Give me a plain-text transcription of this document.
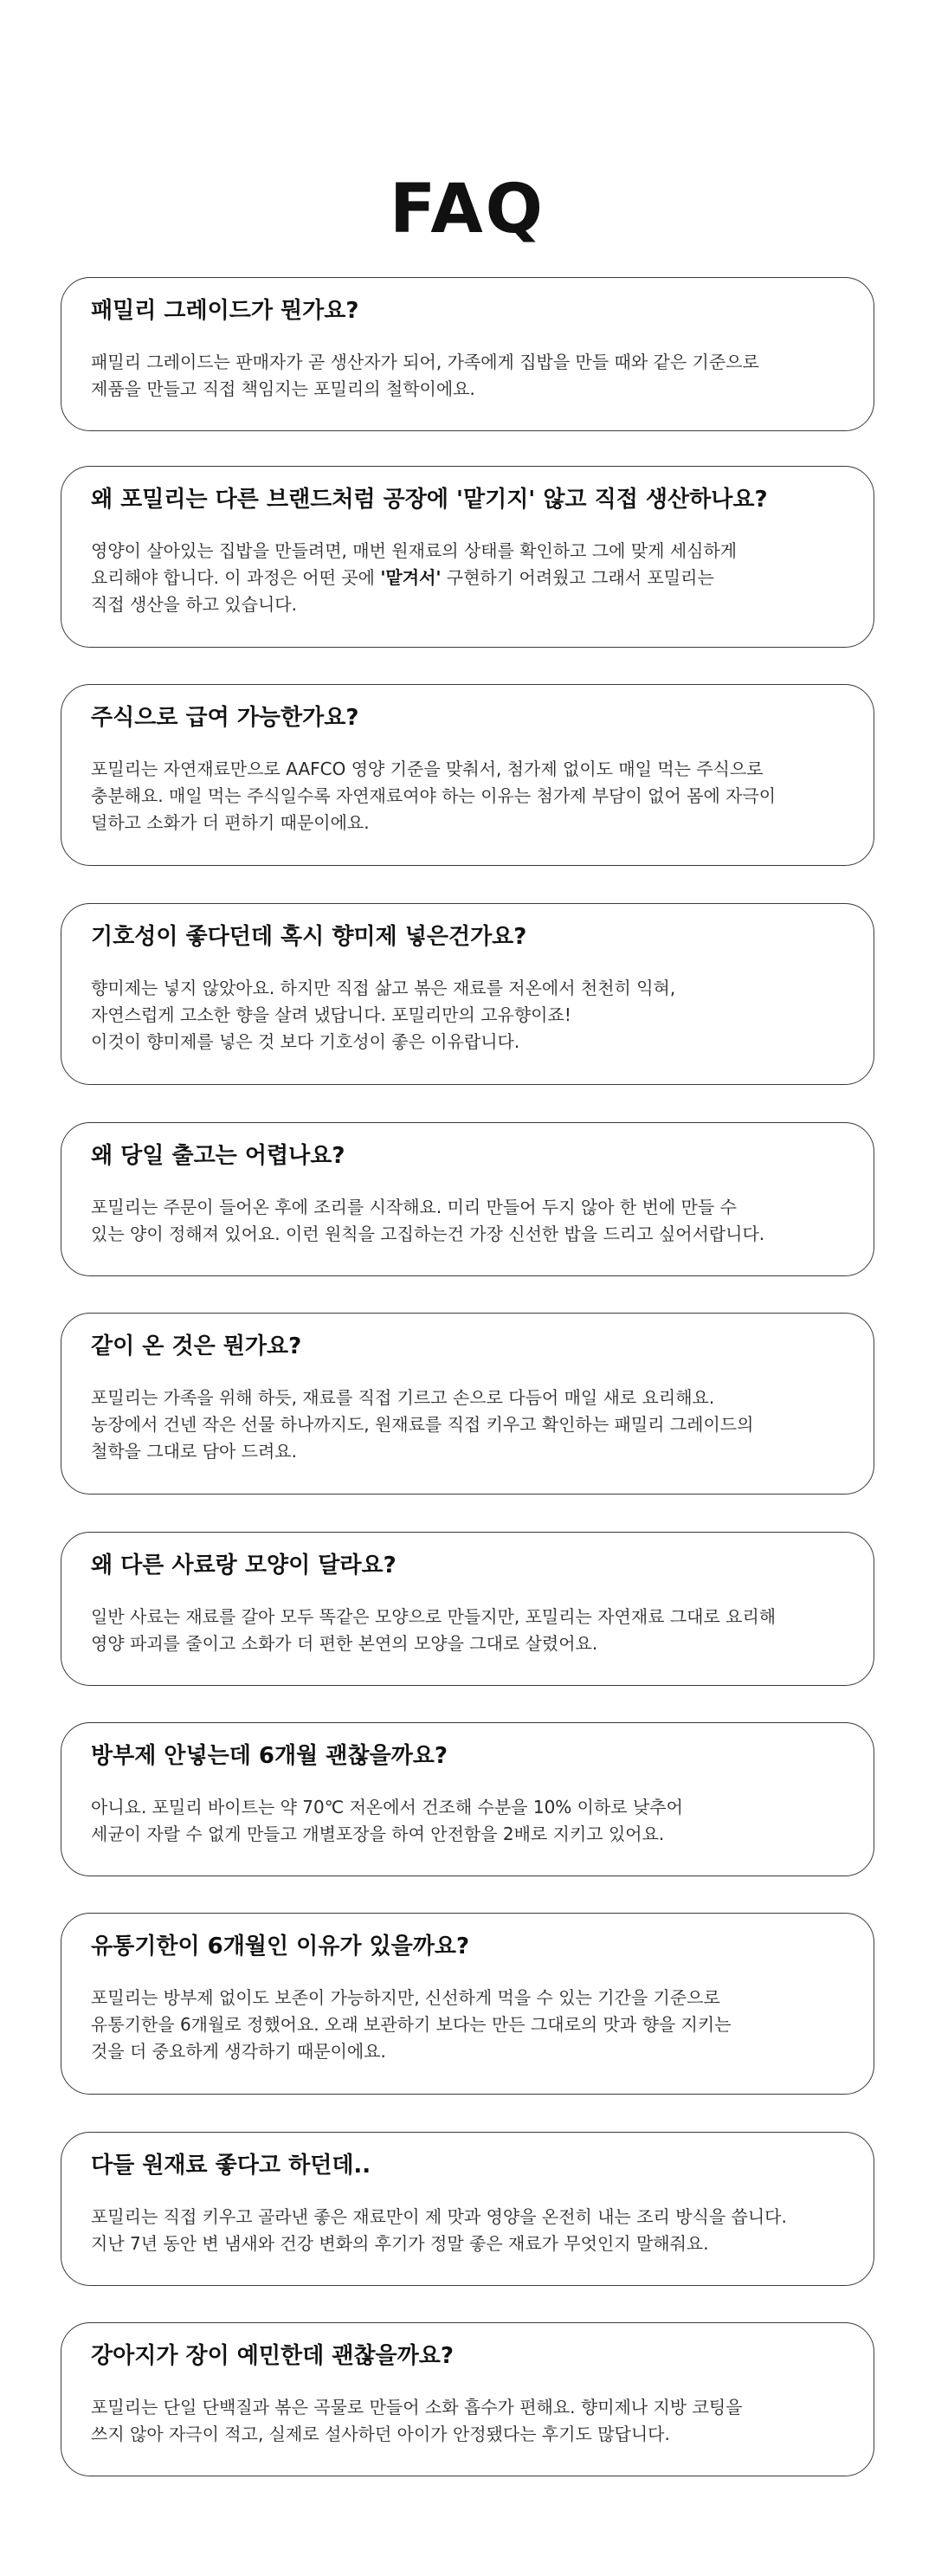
FAQ

패밀리 그레이드가 뭔가요?

패밀리 그레이드는 판매자가 곧 생산자가 되어, 가족에게 집밥을 만들 때와 같은 기준으로
제품을 만들고 직접 책임지는 포밀리의 철학이에요.

왜 포밀리는 다른 브랜드처럼 공장에 '맡기지' 않고 직접 생산하나요?

영양이 살아있는 집밥을 만들려면, 매번 원재료의 상태를 확인하고 그에 맞게 세심하게
요리해야 합니다. 이 과정은 어떤 곳에 '맡겨서' 구현하기 어려웠고 그래서 포밀리는
직접 생산을 하고 있습니다.

주식으로 급여 가능한가요?

포밀리는 자연재료만으로 AAFCO 영양 기준을 맞춰서, 첨가제 없이도 매일 먹는 주식으로
충분해요. 매일 먹는 주식일수록 자연재료여야 하는 이유는 첨가제 부담이 없어 몸에 자극이
덜하고 소화가 더 편하기 때문이에요.

기호성이 좋다던데 혹시 향미제 넣은건가요?

향미제는 넣지 않았아요. 하지만 직접 삶고 볶은 재료를 저온에서 천천히 익혀,
자연스럽게 고소한 향을 살려 냈답니다. 포밀리만의 고유향이죠!
이것이 향미제를 넣은 것 보다 기호성이 좋은 이유랍니다.

왜 당일 출고는 어렵나요?

포밀리는 주문이 들어온 후에 조리를 시작해요. 미리 만들어 두지 않아 한 번에 만들 수
있는 양이 정해져 있어요. 이런 원칙을 고집하는건 가장 신선한 밥을 드리고 싶어서랍니다.

같이 온 것은 뭔가요?

포밀리는 가족을 위해 하듯, 재료를 직접 기르고 손으로 다듬어 매일 새로 요리해요.
농장에서 건넨 작은 선물 하나까지도, 원재료를 직접 키우고 확인하는 패밀리 그레이드의
철학을 그대로 담아 드려요.

왜 다른 사료랑 모양이 달라요?

일반 사료는 재료를 갈아 모두 똑같은 모양으로 만들지만, 포밀리는 자연재료 그대로 요리해
영양 파괴를 줄이고 소화가 더 편한 본연의 모양을 그대로 살렸어요.

방부제 안넣는데 6개월 괜찮을까요?

아니요. 포밀리 바이트는 약 70℃ 저온에서 건조해 수분을 10% 이하로 낮추어
세균이 자랄 수 없게 만들고 개별포장을 하여 안전함을 2배로 지키고 있어요.

유통기한이 6개월인 이유가 있을까요?

포밀리는 방부제 없이도 보존이 가능하지만, 신선하게 먹을 수 있는 기간을 기준으로
유통기한을 6개월로 정했어요. 오래 보관하기 보다는 만든 그대로의 맛과 향을 지키는
것을 더 중요하게 생각하기 때문이에요.

다들 원재료 좋다고 하던데..

포밀리는 직접 키우고 골라낸 좋은 재료만이 제 맛과 영양을 온전히 내는 조리 방식을 씁니다.
지난 7년 동안 변 냄새와 건강 변화의 후기가 정말 좋은 재료가 무엇인지 말해줘요.

강아지가 장이 예민한데 괜찮을까요?

포밀리는 단일 단백질과 볶은 곡물로 만들어 소화 흡수가 편해요. 향미제나 지방 코팅을
쓰지 않아 자극이 적고, 실제로 설사하던 아이가 안정됐다는 후기도 많답니다.
